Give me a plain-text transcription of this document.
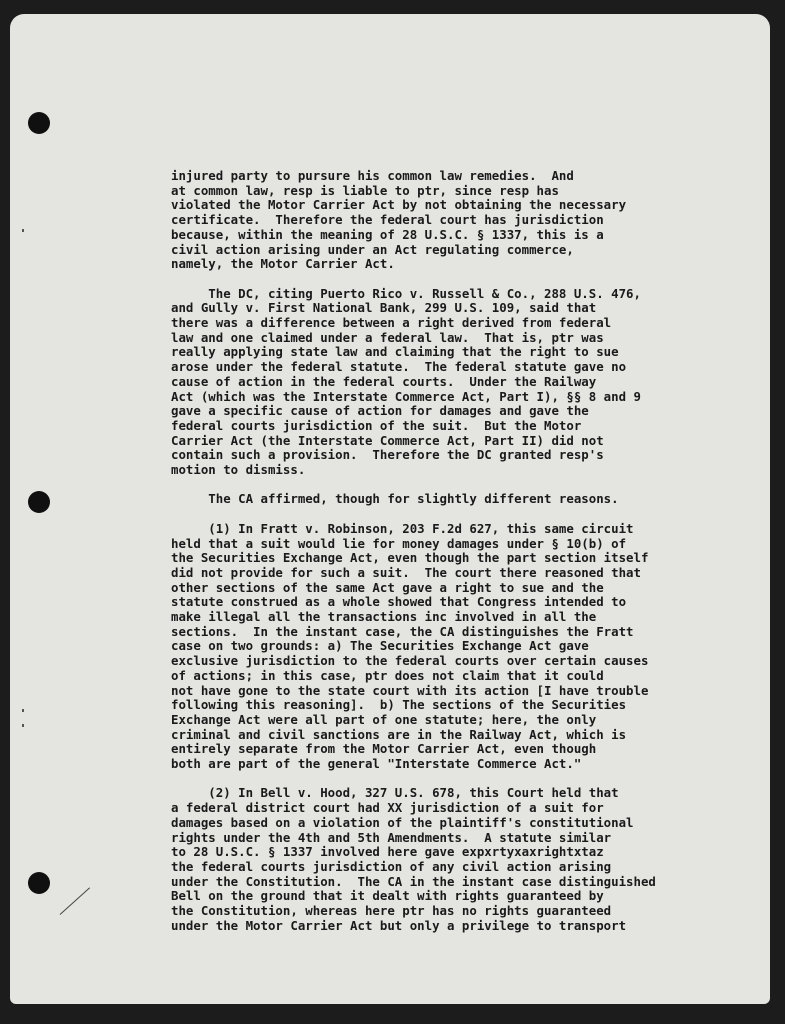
injured party to pursure his common law remedies.  And
at common law, resp is liable to ptr, since resp has
violated the Motor Carrier Act by not obtaining the necessary
certificate.  Therefore the federal court has jurisdiction
because, within the meaning of 28 U.S.C. § 1337, this is a
civil action arising under an Act regulating commerce,
namely, the Motor Carrier Act.
The DC, citing Puerto Rico v. Russell & Co., 288 U.S. 476,
and Gully v. First National Bank, 299 U.S. 109, said that
there was a difference between a right derived from federal
law and one claimed under a federal law.  That is, ptr was
really applying state law and claiming that the right to sue
arose under the federal statute.  The federal statute gave no
cause of action in the federal courts.  Under the Railway
Act (which was the Interstate Commerce Act, Part I), §§ 8 and 9
gave a specific cause of action for damages and gave the
federal courts jurisdiction of the suit.  But the Motor
Carrier Act (the Interstate Commerce Act, Part II) did not
contain such a provision.  Therefore the DC granted resp's
motion to dismiss.
The CA affirmed, though for slightly different reasons.
(1) In Fratt v. Robinson, 203 F.2d 627, this same circuit
held that a suit would lie for money damages under § 10(b) of
the Securities Exchange Act, even though the part section itself
did not provide for such a suit.  The court there reasoned that
other sections of the same Act gave a right to sue and the
statute construed as a whole showed that Congress intended to
make illegal all the transactions inc involved in all the
sections.  In the instant case, the CA distinguishes the Fratt
case on two grounds: a) The Securities Exchange Act gave
exclusive jurisdiction to the federal courts over certain causes
of actions; in this case, ptr does not claim that it could
not have gone to the state court with its action [I have trouble
following this reasoning].  b) The sections of the Securities
Exchange Act were all part of one statute; here, the only
criminal and civil sanctions are in the Railway Act, which is
entirely separate from the Motor Carrier Act, even though
both are part of the general "Interstate Commerce Act."
(2) In Bell v. Hood, 327 U.S. 678, this Court held that
a federal district court had XX jurisdiction of a suit for
damages based on a violation of the plaintiff's constitutional
rights under the 4th and 5th Amendments.  A statute similar
to 28 U.S.C. § 1337 involved here gave expxrtyxaxrightxtaz
the federal courts jurisdiction of any civil action arising
under the Constitution.  The CA in the instant case distinguished
Bell on the ground that it dealt with rights guaranteed by
the Constitution, whereas here ptr has no rights guaranteed
under the Motor Carrier Act but only a privilege to transport
